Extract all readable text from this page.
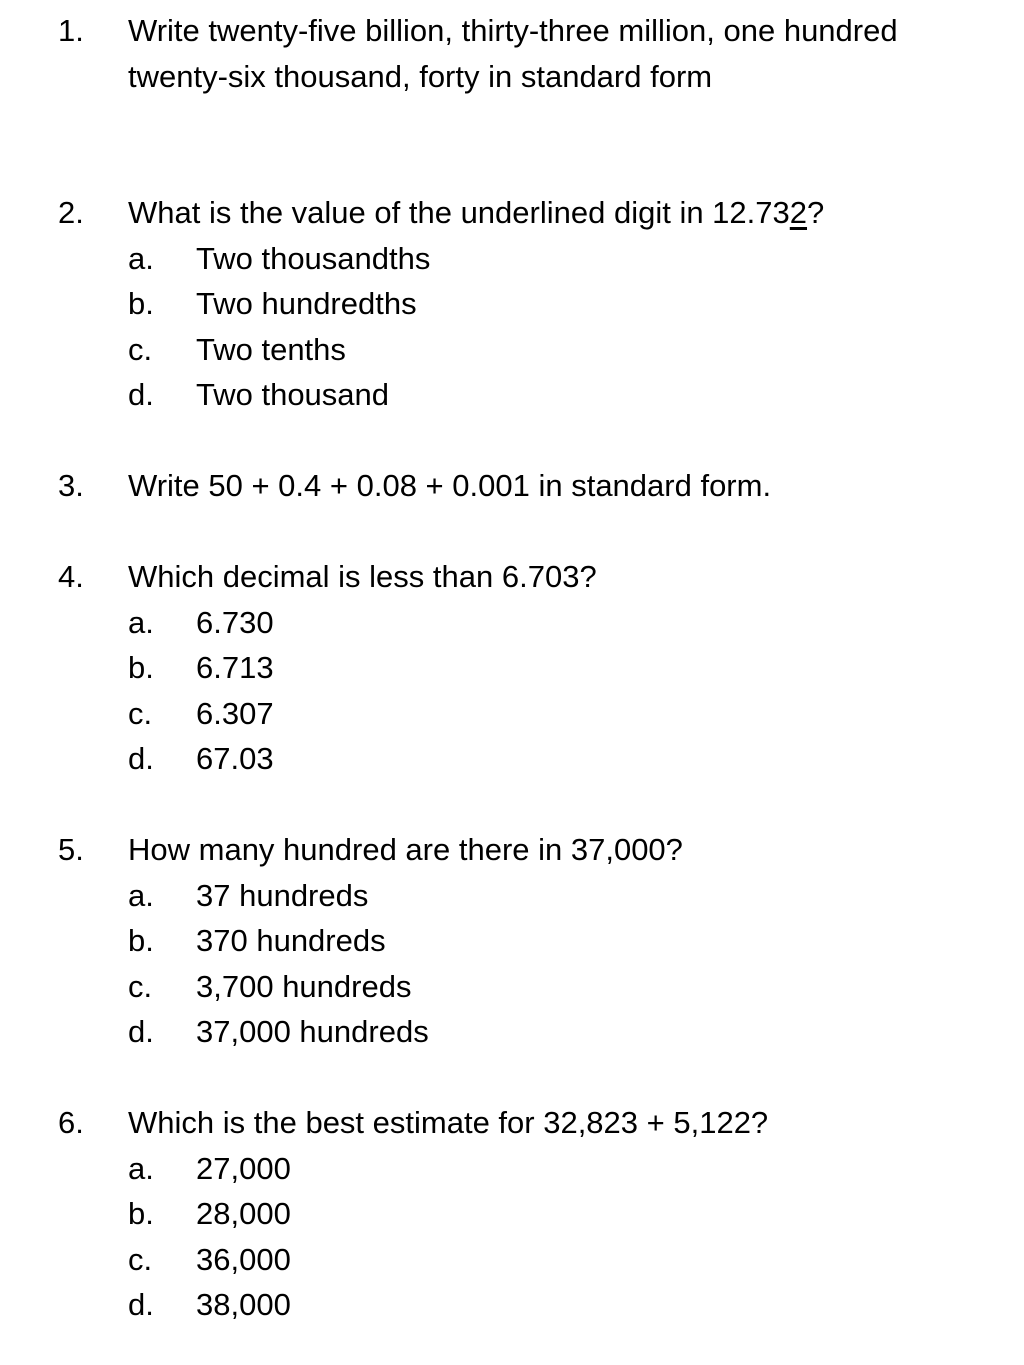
1. Write twenty-five billion, thirty-three million, one hundred twenty-six thousand, forty in standard form
2. What is the value of the underlined digit in 12.732?
a. Two thousandths
b. Two hundredths
c. Two tenths
d. Two thousand
3. Write 50 + 0.4 + 0.08 + 0.001 in standard form.
4. Which decimal is less than 6.703?
a. 6.730
b. 6.713
c. 6.307
d. 67.03
5. How many hundred are there in 37,000?
a. 37 hundreds
b. 370 hundreds
c. 3,700 hundreds
d. 37,000 hundreds
6. Which is the best estimate for 32,823 + 5,122?
a. 27,000
b. 28,000
c. 36,000
d. 38,000
